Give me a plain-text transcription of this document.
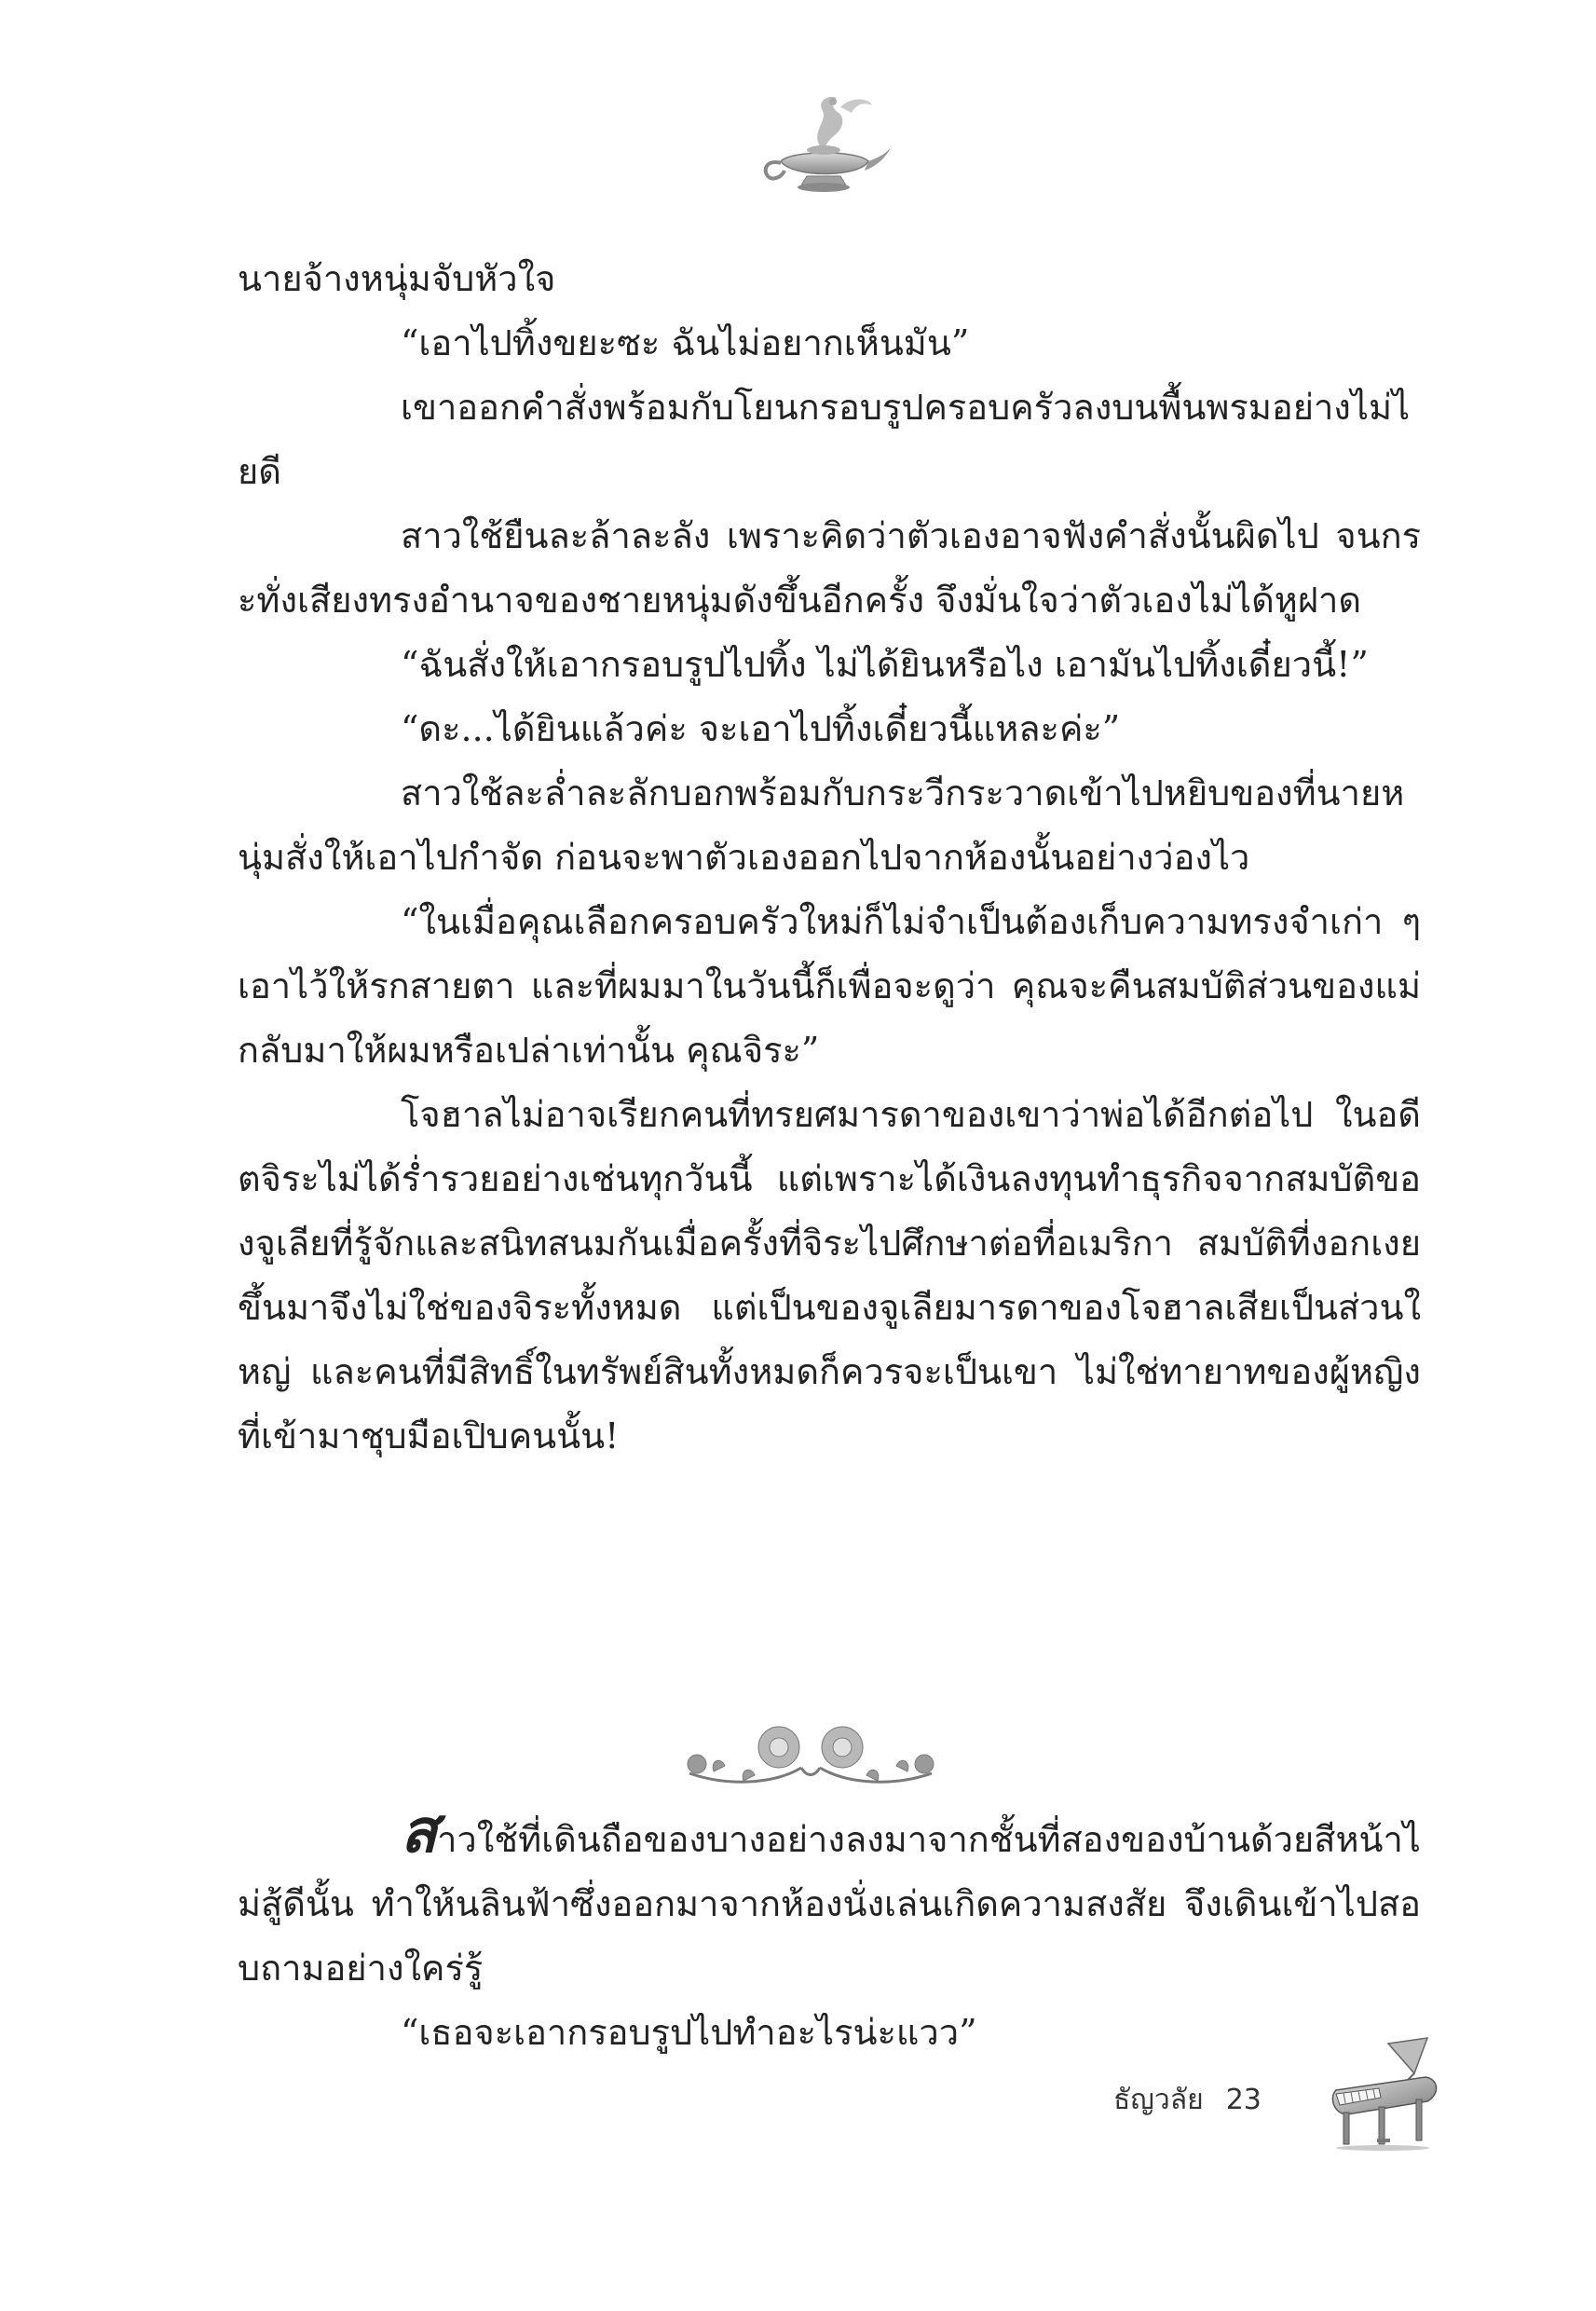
นายจ้างหนุ่มจับหัวใจ

“เอาไปทิ้งขยะซะ ฉันไม่อยากเห็นมัน”

เขาออกคำสั่งพร้อมกับโยนกรอบรูปครอบครัวลงบนพื้นพรมอย่างไม่ไยดี

สาวใช้ยืนละล้าละลัง เพราะคิดว่าตัวเองอาจฟังคำสั่งนั้นผิดไป จนกระทั่งเสียงทรงอำนาจของชายหนุ่มดังขึ้นอีกครั้ง จึงมั่นใจว่าตัวเองไม่ได้หูฝาด

“ฉันสั่งให้เอากรอบรูปไปทิ้ง ไม่ได้ยินหรือไง เอามันไปทิ้งเดี๋ยวนี้!”

“ดะ...ได้ยินแล้วค่ะ จะเอาไปทิ้งเดี๋ยวนี้แหละค่ะ”

สาวใช้ละล่ำละลักบอกพร้อมกับกระวีกระวาดเข้าไปหยิบของที่นายหนุ่มสั่งให้เอาไปกำจัด ก่อนจะพาตัวเองออกไปจากห้องนั้นอย่างว่องไว

“ในเมื่อคุณเลือกครอบครัวใหม่ก็ไม่จำเป็นต้องเก็บความทรงจำเก่า ๆ เอาไว้ให้รกสายตา และที่ผมมาในวันนี้ก็เพื่อจะดูว่า คุณจะคืนสมบัติส่วนของแม่กลับมาให้ผมหรือเปล่าเท่านั้น คุณจิระ”

โจฮาลไม่อาจเรียกคนที่ทรยศมารดาของเขาว่าพ่อได้อีกต่อไป ในอดีตจิระไม่ได้ร่ำรวยอย่างเช่นทุกวันนี้ แต่เพราะได้เงินลงทุนทำธุรกิจจากสมบัติของจูเลียที่รู้จักและสนิทสนมกันเมื่อครั้งที่จิระไปศึกษาต่อที่อเมริกา สมบัติที่งอกเงยขึ้นมาจึงไม่ใช่ของจิระทั้งหมด แต่เป็นของจูเลียมารดาของโจฮาลเสียเป็นส่วนใหญ่ และคนที่มีสิทธิ์ในทรัพย์สินทั้งหมดก็ควรจะเป็นเขา ไม่ใช่ทายาทของผู้หญิงที่เข้ามาชุบมือเปิบคนนั้น!

สาวใช้ที่เดินถือของบางอย่างลงมาจากชั้นที่สองของบ้านด้วยสีหน้าไม่สู้ดีนั้น ทำให้นลินฟ้าซึ่งออกมาจากห้องนั่งเล่นเกิดความสงสัย จึงเดินเข้าไปสอบถามอย่างใคร่รู้

“เธอจะเอากรอบรูปไปทำอะไรน่ะแวว”

ธัญวลัย 23
